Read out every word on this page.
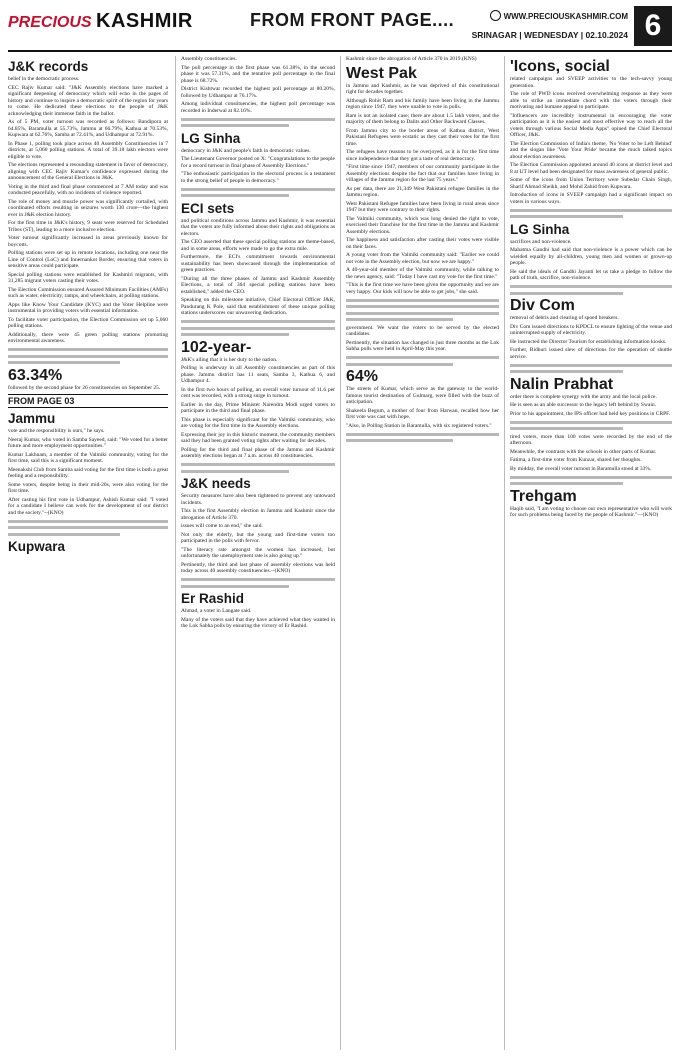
PRECIOUS KASHMIR	FROM FRONT PAGE....	WWW.PRECIOUSKASHMIR.COM
SRINAGAR | WEDNESDAY | 02.10.2024 6
J&K records

belief in the democratic process.

CEC Rajiv Kumar said: "J&K Assembly elections have marked a significant deepening of democracy which will echo in the pages of history and continue to inspire a democratic spirit of the region for years to come. He dedicated these elections to the people of J&K acknowledging their immense faith in the ballot.

As of 5 PM, voter turnout was recorded as follows: Bandipora at 64.85%, Baramulla at 55.73%, Jammu at 66.79%, Kathua at 70.53%, Kupwara at 62.76%, Samba at 72.41%, and Udhampur at 72.91%.

In Phase 1, polling took place across 40 Assembly Constituencies in 7 districts, at 5,060 polling stations. A total of 39.18 lakh electors were eligible to vote.

The elections represented a resounding statement in favor of democracy, aligning with CEC Rajiv Kumar's confidence expressed during the announcement of the General Elections in J&K.

Voting in the third and final phase commenced at 7 AM today and was conducted peacefully, with no incidents of violence reported.

The role of money and muscle power was significantly curtailed, with coordinated efforts resulting in seizures worth 130 crore—the highest ever in J&K election history.

For the first time in J&K's history, 9 seats were reserved for Scheduled Tribes (ST), leading to a more inclusive election.

Voter turnout significantly increased in areas previously known for boycotts.

Polling stations were set up in remote locations, including one near the Line of Control (LoC) and Innernankot Border, ensuring that voters in sensitive areas could participate.

Special polling stations were established for Kashmiri migrants, with 31,285 migrant voters casting their votes.

The Election Commission ensured Assured Minimum Facilities (AMFs) such as water, electricity, ramps, and wheelchairs, at polling stations.

Apps like Know Your Candidate (KYC) and the Voter Helpline were instrumental in providing voters with essential information.

To facilitate voter participation, the Election Commission set up 5,060 polling stations.

Additionally, there were 45 green polling stations promoting environmental awareness.

63.34%

followed by the second phase for 26 constituencies on September 25.

FROM PAGE 03
Jammu

vote and the responsibility is ours," he says.

Neeraj Kumar, who voted in Samba Sayeed, said: "We voted for a better future and more employment opportunities."

Kumar Lakhnam, a member of the Valmiki community, voting for the first time, said this is a significant moment.

Meenakshi Club from Samba said voting for the first time is both a great feeling and a responsibility.

Some voters, despite being in their mid-20s, were also voting for the first time.

After casting his first vote in Udhampur, Ashish Kumar said: "I voted for a candidate I believe can work for the development of our district and the society."--(KNO)

Kupwara

Assembly constituencies.

The poll percentage in the first phase was 61.38%, in the second phase it was 57.31%, and the tentative poll percentage in the final phase is 68.72%.

District Kishtwar recorded the highest poll percentage at 80.20%, followed by Udhampur at 76.17%.

Among individual constituencies, the highest poll percentage was recorded in Inderwal at 82.16%.

LG Sinha

democracy in J&K and people's faith in democratic values.

The Lieutenant Governor posted on X: "Congratulations to the people for a record turnout in final phase of Assembly Elections."

"The enthusiastic participation in the electoral process is a testament to the strong belief of people in democracy."

ECI sets

and political conditions across Jammu and Kashmir, it was essential that the voters are fully informed about their rights and obligations as electors.

The CEO asserted that these special polling stations are theme-based, and in some areas, efforts were made to go the extra mile.

Furthermore, the ECI's commitment towards environmental sustainability has been showcased through the implementation of green practices.

"During all the three phases of Jammu and Kashmir Assembly Elections, a total of 364 special polling stations have been established," added the CEO.

Speaking on this milestone initiative, Chief Electoral Officer J&K, Pandurang K Pole, said that establishment of these unique polling stations underscores our unwavering dedication.

102-year-

J&K's ailing that it is her duty to the nation.

Polling is underway in all Assembly constituencies as part of this phase. Jammu district has 11 seats, Samba 3, Kathua 6, and Udhampur 4.

In the first two hours of polling, an overall voter turnout of 11.6 per cent was recorded, with a strong surge in turnout.

Earlier in the day, Prime Minister Narendra Modi urged voters to participate in the third and final phase.

This phase is especially significant for the Valmiki community, who are voting for the first time in the Assembly elections.

Expressing their joy in this historic moment, the community members said they had been granted voting rights after waiting for decades.

Polling for the third and final phase of the Jammu and Kashmir assembly elections began at 7 a.m. across 40 constituencies.

J&K needs

Security measures have also been tightened to prevent any untoward incidents.

This is the first Assembly election in Jammu and Kashmir since the abrogation of Article 370.

issues will come to an end," she said.

Not only the elderly, but the young and first-time voters too participated in the polls with fervor.

"The literacy rate amongst the women has increased, but unfortunately the unemployment rate is also going up."

Pertinently, the third and last phase of assembly elections was held today across 40 assembly constituencies.--(KNO)

Er Rashid

Ahmad, a voter in Langate said.

Many of the voters said that they have achieved what they wanted in the Lok Sabha polls by ensuring the victory of Er Rashid.

Kashmir since the abrogation of Article 370 in 2019.(KNS)

West Pak

in Jammu and Kashmir, as he was deprived of this constitutional right for decades together.

Although Rohit Ram and his family have been living in the Jammu region since 1947, they were unable to vote in polls.

Ram is not an isolated case; there are about 1.5 lakh voters, and the majority of them belong to Dalits and Other Backward Classes.

From Jammu city to the border areas of Kathua district, West Pakistani Refugees were ecstatic as they cast their votes for the first time.

The refugees have reasons to be overjoyed, as it is for the first time since independence that they got a taste of real democracy.

"First time since 1947, members of our community participate in the Assembly elections despite the fact that our families have living in villages of the Jammu region for the last 75 years."

As per data, there are 21,349 West Pakistani refugee families in the Jammu region.

West Pakistani Refugee families have been living in rural areas since 1947 but they were contrary to their rights.

The Valmiki community, which was long denied the right to vote, exercised their franchise for the first time in the Jammu and Kashmir Assembly elections.

The happiness and satisfaction after casting their votes were visible on their faces.

A young voter from the Valmiki community said: "Earlier we could not vote in the Assembly election, but now we are happy."

A 40-year-old member of the Valmiki community, while talking to the news agency, said: "Today I have cast my vote for the first time."

"This is the first time we have been given the opportunity and we are very happy. Our kids will now be able to get jobs," she said.

government. We want the voters to be served by the elected candidates.

Pertinently, the situation has changed in just three months as the Lok Sabha polls were held in April-May this year.

64%

The streets of Kumar, which serve as the gateway to the world-famous tourist destination of Gulmarg, were filled with the buzz of anticipation.

Shakeela Begum, a mother of four from Harwan, recalled how her first vote was cast with hope.

"Also, in Polling Station in Baramulla, with six registered voters."

'Icons, social

related campaigns and SVEEP activities to the tech-savvy young generation.

The role of PWD icons received overwhelming response as they were able to strike an immediate chord with the voters through their motivating and humane appeal to participate.

"Influencers are incredibly instrumental in encouraging the voter participation as it is the easiest and most effective way to reach all the voters through various Social Media Apps" opined the Chief Electoral Officer, J&K.

The Election Commission of India's theme, 'No Voter to be Left Behind' and the slogan like 'Vote Your Pride' became the much talked topics about election awareness.

The Election Commission appointed around 40 icons at district level and 8 at UT level had been designated for mass awareness of general public.

Some of the icons from Union Territory were Subedar Chain Singh, Sharif Ahmad Sheikh, and Mohd Zahid from Kupwara.

Introduction of icons in SVEEP campaign had a significant impact on voters in various ways.

LG Sinha

sacrifices and non-violence.

Mahatma Gandhi had said that non-violence is a power which can be wielded equally by all-children, young men and women or grown-up people.

He said the ideals of Gandhi Jayanti let us take a pledge to follow the path of truth, sacrifice, non-violence.

Div Com

removal of debris and clearing of spoed breakers.

Div Com issued directions to KPDCL to ensure lighting of the venue and uninterrupted supply of electricity.

He instructed the Director Tourism for establishing information kiosks.

Further, Bidhuri issued slew of directions for the operation of shuttle service.

Nalin Prabhat

order there is complete synergy with the army and the local police.

He is seen as an able successor to the legacy left behind by Swain.

Prior to his appointment, the IPS officer had held key positions in CRPF.

tired voters, more than 100 votes were recorded by the end of the afternoon.

Meanwhile, the contrasts with the schools in other parts of Kumar.

Fatima, a first-time voter from Kunzar, shared her thoughts.

By midday, the overall voter turnout in Baramulla stood at 33%.

Trehgam

Haqib said, "I am voting to choose our own representative who will work for such problems being faced by the people of Kashmir."—(KNO)
